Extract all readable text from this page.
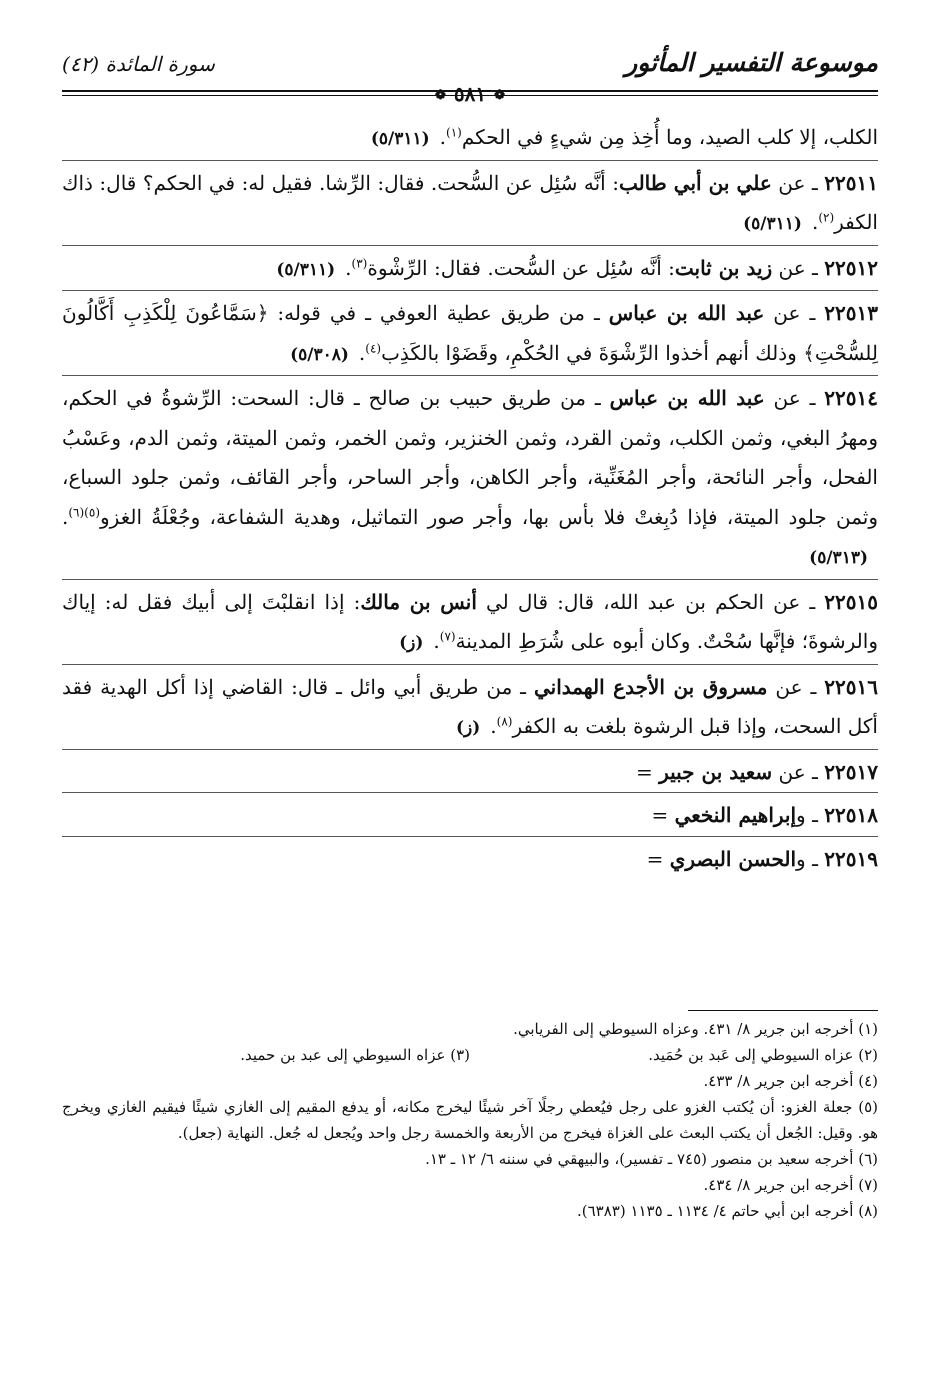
موسوعة التفسير المأثور
سورة المائدة (٤٢)
❁ ٥٨١ ❁

الكلب، إلا كلب الصيد، وما أُخِذ مِن شيءٍ في الحكم$^{(١)}$.(٥/٣١١)

٢٢٥١١ ـ عن علي بن أبي طالب: أنَّه سُئِل عن السُّحت. فقال: الرِّشا. فقيل له: في الحكم؟ قال: ذاك الكفر$^{(٢)}$.(٥/٣١١)

٢٢٥١٢ ـ عن زيد بن ثابت: أنَّه سُئِل عن السُّحت. فقال: الرِّشْوة$^{(٣)}$.(٥/٣١١)

٢٢٥١٣ ـ عن عبد الله بن عباس ـ من طريق عطية العوفي ـ في قوله: ﴿سَمَّاعُونَ لِلْكَذِبِ أَكَّالُونَ لِلسُّحْتِ﴾ وذلك أنهم أخذوا الرِّشْوَةَ في الحُكْمِ، وقَضَوْا بالكَذِب$^{(٤)}$.(٥/٣٠٨)

٢٢٥١٤ ـ عن عبد الله بن عباس ـ من طريق حبيب بن صالح ـ قال: السحت: الرِّشوةُ في الحكم، ومهرُ البغي، وثمن الكلب، وثمن القرد، وثمن الخنزير، وثمن الخمر، وثمن الميتة، وثمن الدم، وعَسْبُ الفحل، وأجر النائحة، وأجر المُغَنِّية، وأجر الكاهن، وأجر الساحر، وأجر القائف، وثمن جلود السباع، وثمن جلود الميتة، فإذا دُبِغتْ فلا بأس بها، وأجر صور التماثيل، وهدية الشفاعة، وجُعْلَةُ الغزو$^{(٥)(٦)}$.(٥/٣١٣)

٢٢٥١٥ ـ عن الحكم بن عبد الله، قال: قال لي أنس بن مالك: إذا انقلبْتَ إلى أبيك فقل له: إياك والرشوةَ؛ فإنَّها سُحْتٌ. وكان أبوه على شُرَطِ المدينة$^{(٧)}$.(ز)

٢٢٥١٦ ـ عن مسروق بن الأجدع الهمداني ـ من طريق أبي وائل ـ قال: القاضي إذا أكل الهدية فقد أكل السحت، وإذا قبل الرشوة بلغت به الكفر$^{(٨)}$.(ز)

٢٢٥١٧ ـ عن سعيد بن جبير =

٢٢٥١٨ ـ وإبراهيم النخعي =

٢٢٥١٩ ـ والحسن البصري =

(١) أخرجه ابن جرير ٨/ ٤٣١. وعزاه السيوطي إلى الفريابي.

(٢) عزاه السيوطي إلى عَبد بن حُمَيد.
(٣) عزاه السيوطي إلى عبد بن حميد.

(٤) أخرجه ابن جرير ٨/ ٤٣٣.

(٥) جعلة الغزو: أن يُكتب الغزو على رجل فيُعطي رجلًا آخر شيئًا ليخرج مكانه، أو يدفع المقيم إلى الغازي شيئًا فيقيم الغازي ويخرج هو. وقيل: الجُعل أن يكتب البعث على الغزاة فيخرج من الأربعة والخمسة رجل واحد ويُجعل له جُعل. النهاية (جعل).

(٦) أخرجه سعيد بن منصور (٧٤٥ ـ تفسير)، والبيهقي في سننه ٦/ ١٢ ـ ١٣.

(٧) أخرجه ابن جرير ٨/ ٤٣٤.

(٨) أخرجه ابن أبي حاتم ٤/ ١١٣٤ ـ ١١٣٥ (٦٣٨٣).
